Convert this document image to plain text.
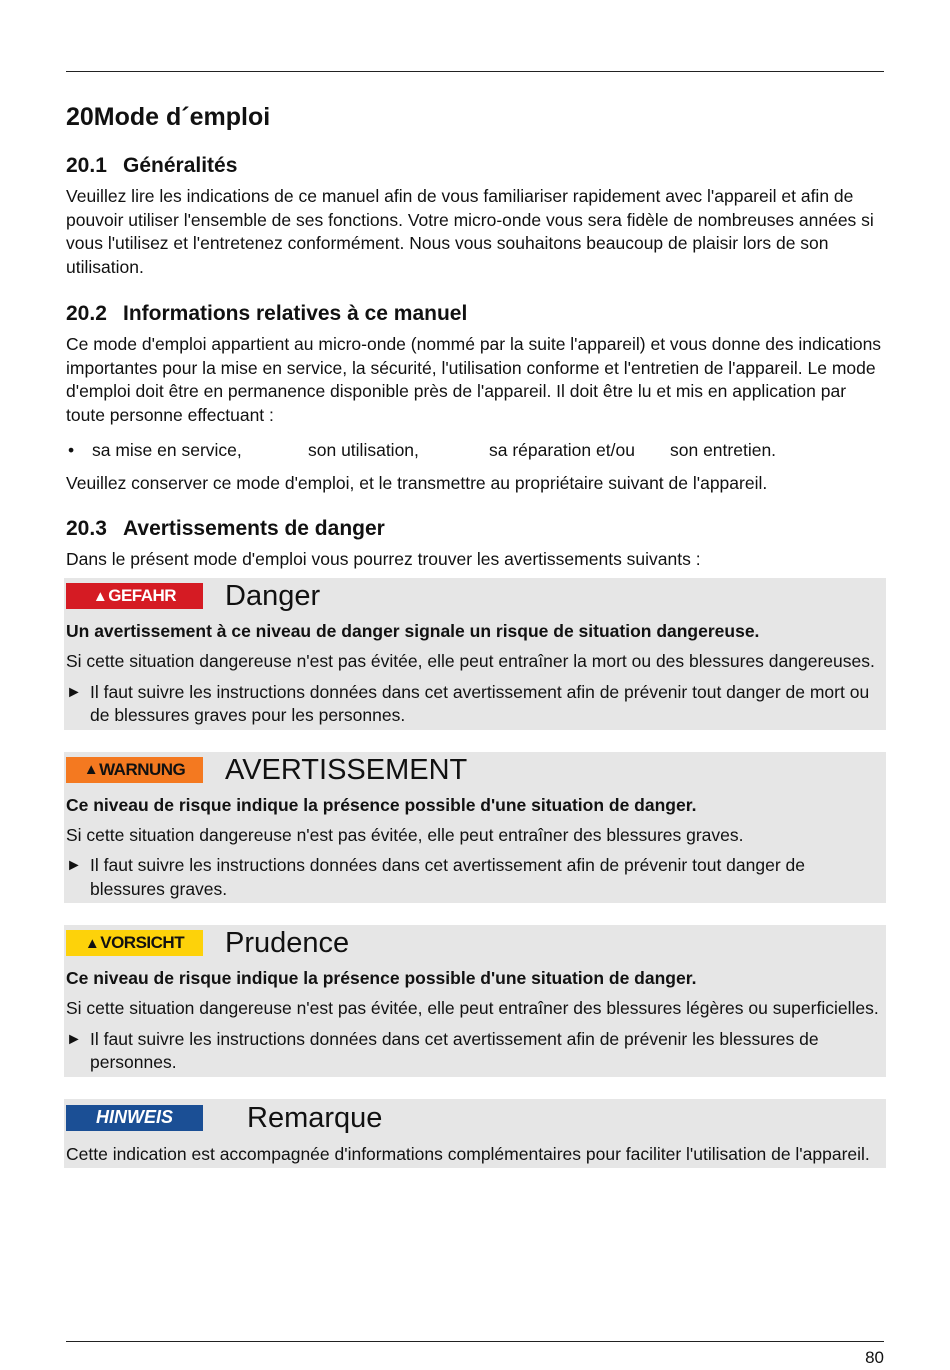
20Mode d´emploi
20.1 Généralités

Veuillez lire les indications de ce manuel afin de vous familiariser rapidement avec l'appareil et afin de pouvoir utiliser l'ensemble de ses fonctions. Votre micro-onde vous sera fidèle de nombreuses années si vous l'utilisez et l'entretenez conformément. Nous vous souhaitons beaucoup de plaisir lors de son utilisation.

20.2 Informations relatives à ce manuel

Ce mode d'emploi appartient au micro-onde (nommé par la suite l'appareil) et vous donne des indications importantes pour la mise en service, la sécurité, l'utilisation conforme et l'entretien de l'appareil. Le mode d'emploi doit être en permanence disponible près de l'appareil. Il doit être lu et mis en application par toute personne effectuant :

•	sa mise en service,	son utilisation,	sa réparation et/ou	son entretien.

Veuillez conserver ce mode d'emploi, et le transmettre au propriétaire suivant de l'appareil.

20.3 Avertissements de danger

Dans le présent mode d'emploi vous pourrez trouver les avertissements suivants :

▲ GEFAHR Danger
Un avertissement à ce niveau de danger signale un risque de situation dangereuse.

Si cette situation dangereuse n'est pas évitée, elle peut entraîner la mort ou des blessures dangereuses.

► Il faut suivre les instructions données dans cet avertissement afin de prévenir tout danger de mort ou de blessures graves pour les personnes.
▲ WARNUNG AVERTISSEMENT
Ce niveau de risque indique la présence possible d'une situation de danger.

Si cette situation dangereuse n'est pas évitée, elle peut entraîner des blessures graves.

► Il faut suivre les instructions données dans cet avertissement afin de prévenir tout danger de blessures graves.
▲ VORSICHT Prudence
Ce niveau de risque indique la présence possible d'une situation de danger.

Si cette situation dangereuse n'est pas évitée, elle peut entraîner des blessures légères ou superficielles.

► Il faut suivre les instructions données dans cet avertissement afin de prévenir les blessures de personnes.
HINWEIS	Remarque

Cette indication est accompagnée d'informations complémentaires pour faciliter l'utilisation de l'appareil.

80
